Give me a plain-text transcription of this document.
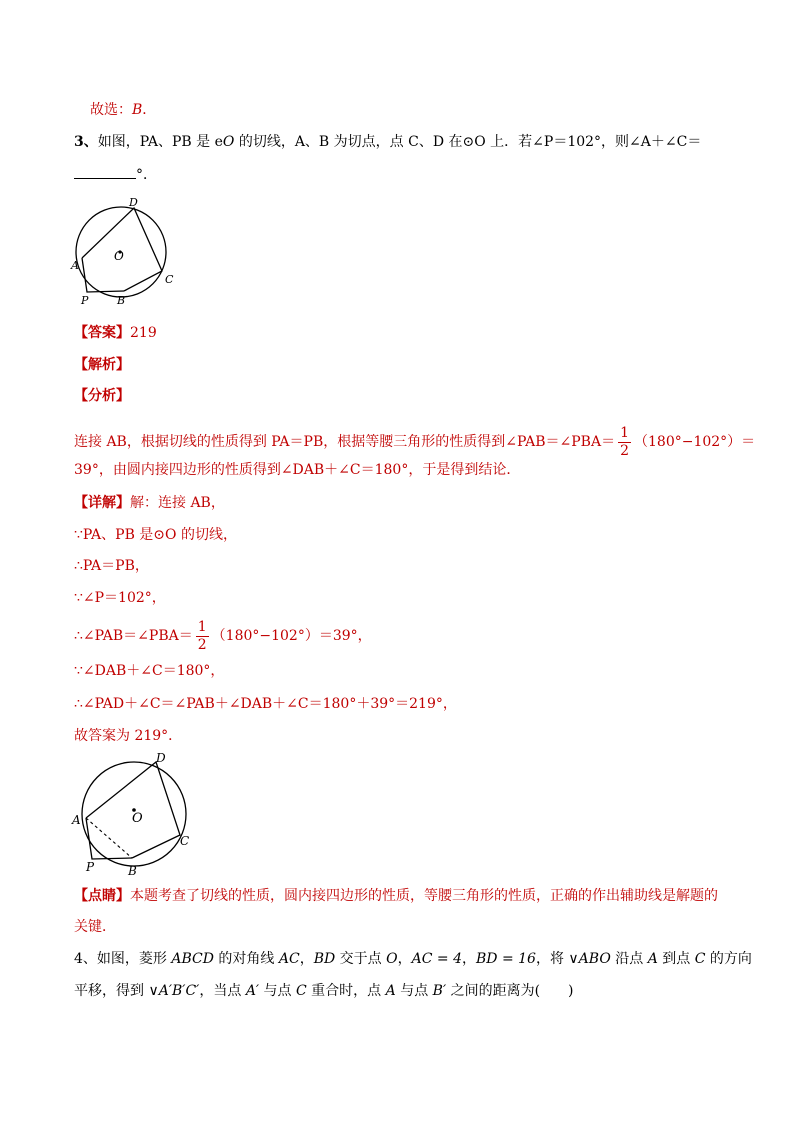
故选：B．
3、如图，PA、PB 是 eO 的切线，A、B 为切点，点 C、D 在⊙O 上．若∠P＝102°，则∠A＋∠C＝
°．
D
O
A
C
P	B
【答案】219
【解析】
【分析】
连接 AB，根据切线的性质得到 PA＝PB，根据等腰三角形的性质得到∠PAB＝∠PBA＝ $\frac{1}{2} (180^\circ-102^\circ)=$
39°，由圆内接四边形的性质得到∠DAB＋∠C＝180°，于是得到结论．
【详解】解：连接 AB，
∵PA、PB 是⊙O 的切线，
∴PA＝PB，
∵∠P＝102°，
∴∠PAB＝∠PBA＝ $\frac{1}{2} (180^\circ-102^\circ)=39^\circ$，
∵∠DAB＋∠C＝180°，
∴∠PAD＋∠C＝∠PAB＋∠DAB＋∠C＝180°＋39°＝219°，
故答案为 219°．
D
O
A
C
P	B
【点睛】本题考查了切线的性质，圆内接四边形的性质，等腰三角形的性质，正确的作出辅助线是解题的
关键．
4、如图，菱形 ABCD 的对角线 AC，BD 交于点 O，AC = 4，BD = 16，将 ∨ABO 沿点 A 到点 C 的方向
平移，得到 ∨A′B′C′，当点 A′ 与点 C 重合时，点 A 与点 B′ 之间的距离为(　　)
